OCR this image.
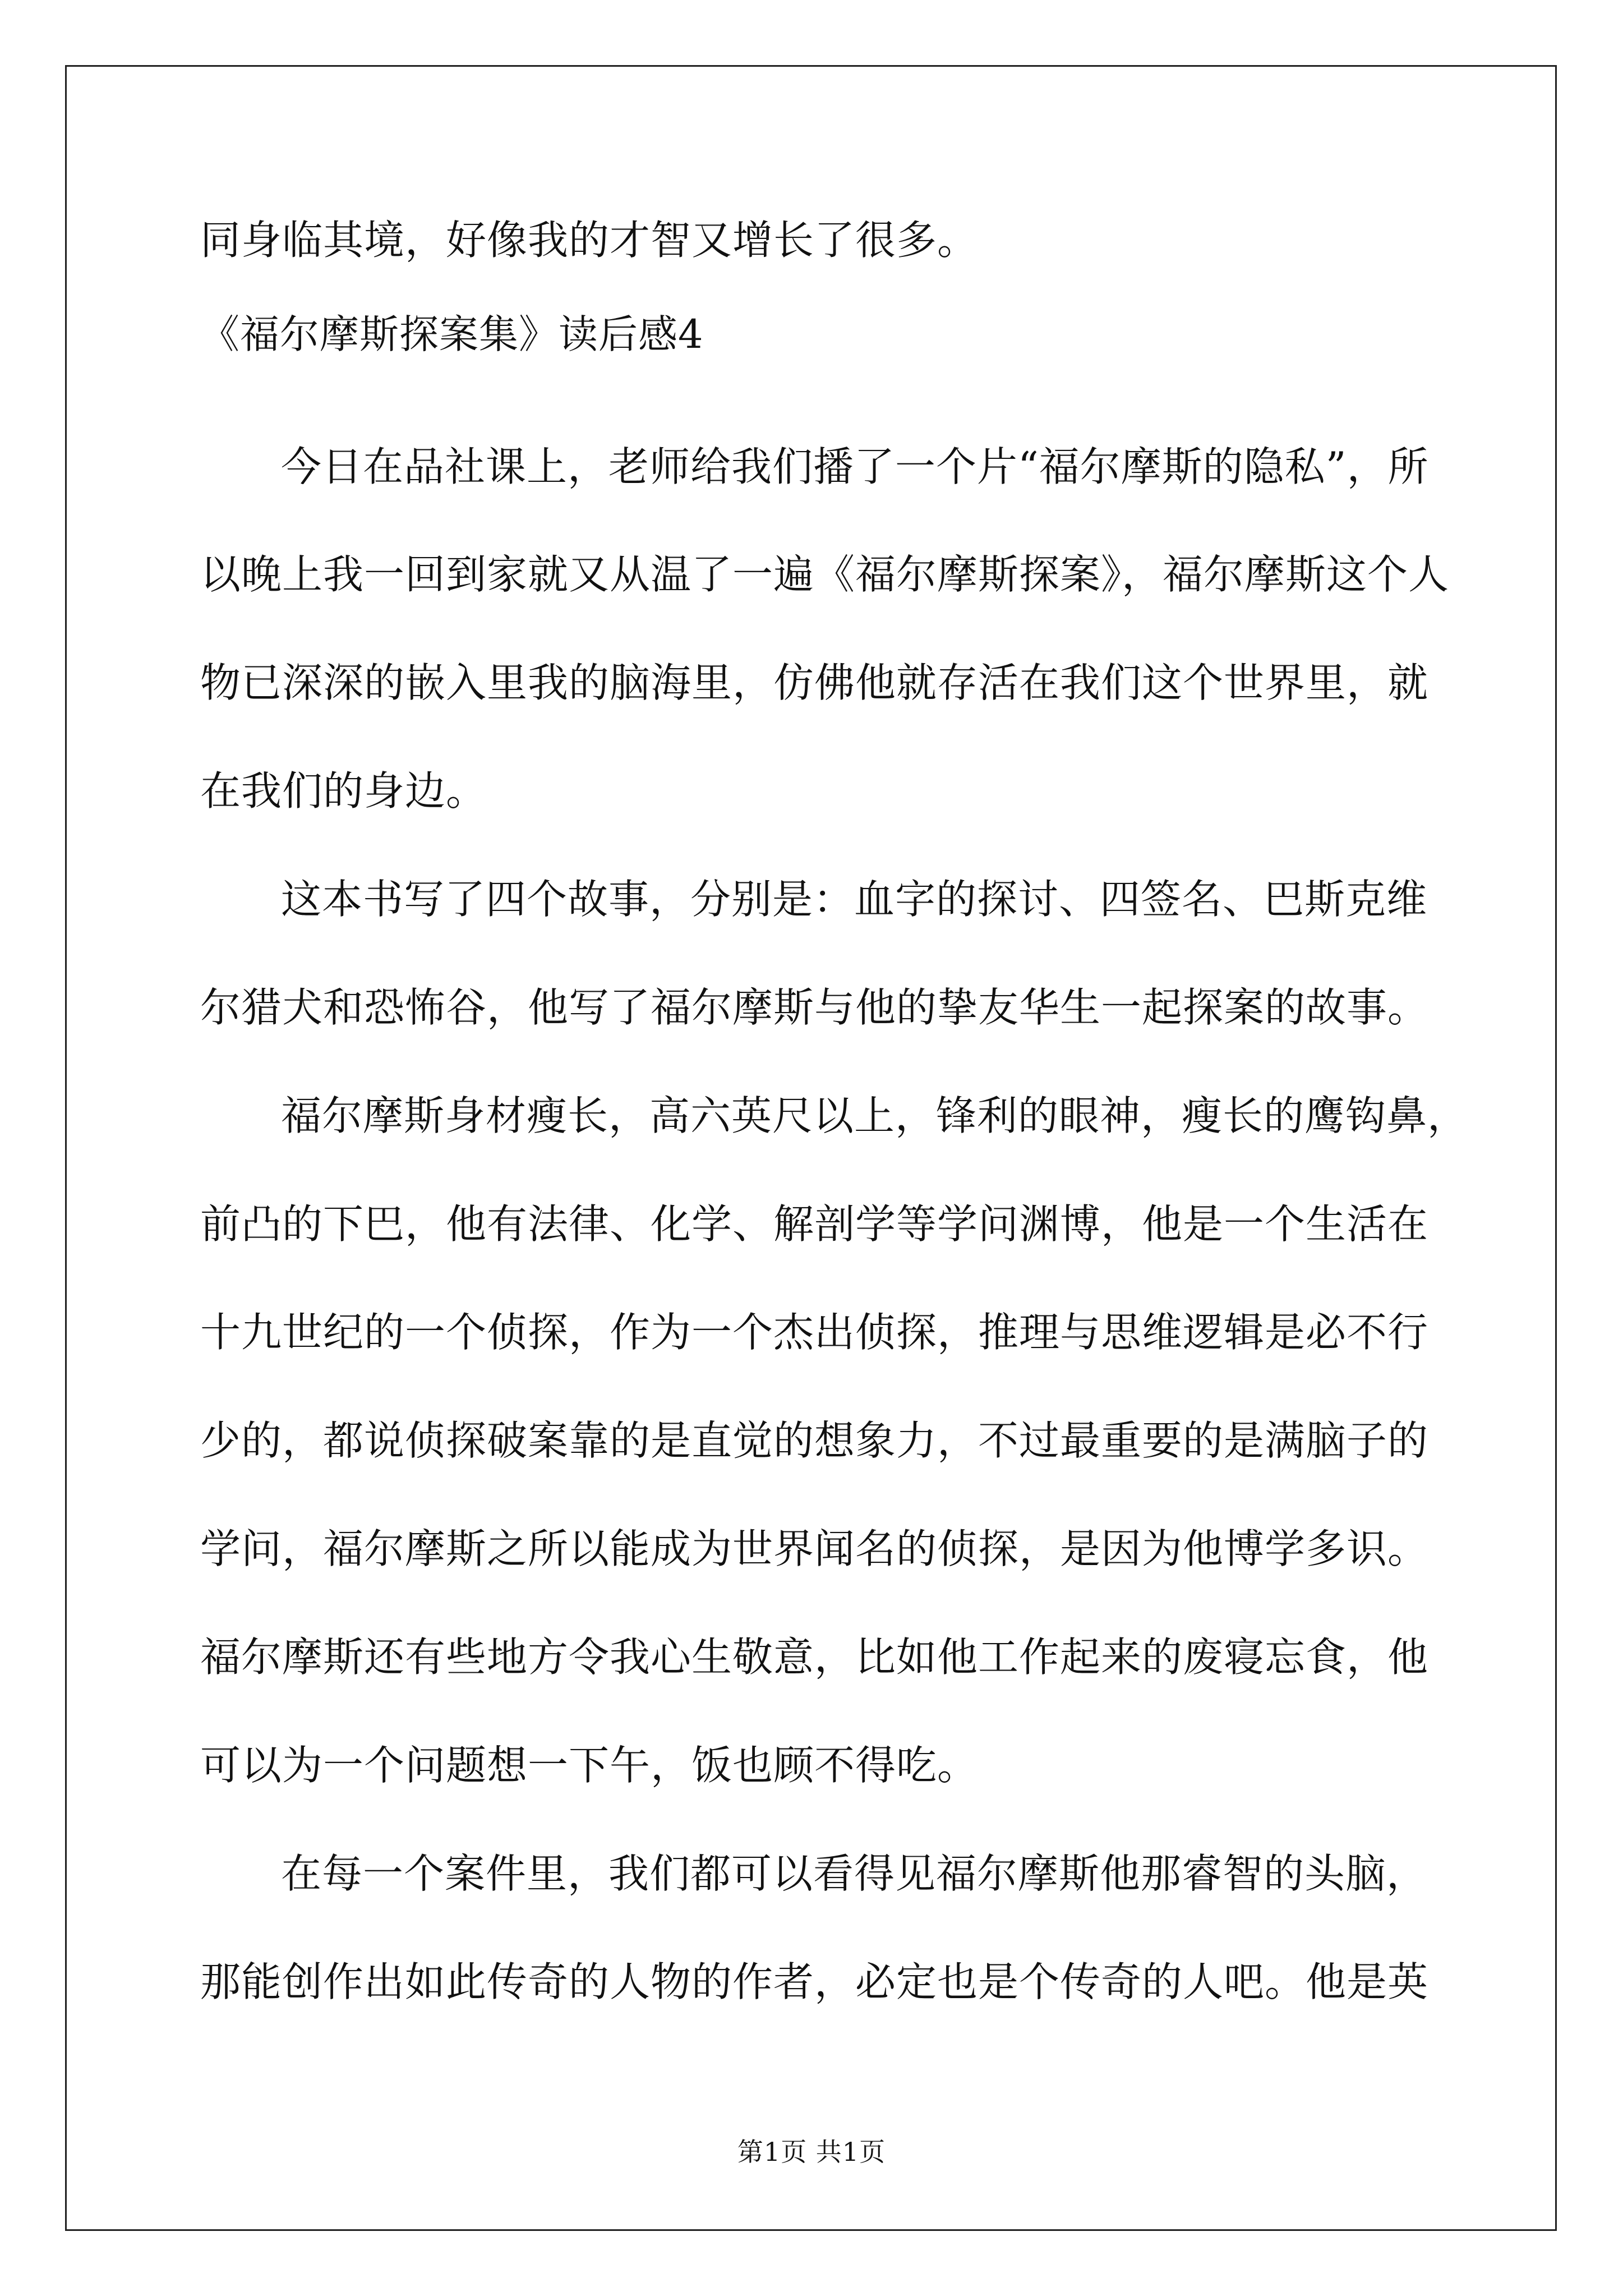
同身临其境，好像我的才智又增长了很多。
《福尔摩斯探案集》读后感4
今日在品社课上，老师给我们播了一个片“福尔摩斯的隐私”，所
以晚上我一回到家就又从温了一遍《福尔摩斯探案》，福尔摩斯这个人
物已深深的嵌入里我的脑海里，仿佛他就存活在我们这个世界里，就
在我们的身边。
这本书写了四个故事，分别是：血字的探讨、四签名、巴斯克维
尔猎犬和恐怖谷，他写了福尔摩斯与他的挚友华生一起探案的故事。
福尔摩斯身材瘦长，高六英尺以上，锋利的眼神，瘦长的鹰钩鼻，
前凸的下巴，他有法律、化学、解剖学等学问渊博，他是一个生活在
十九世纪的一个侦探，作为一个杰出侦探，推理与思维逻辑是必不行
少的，都说侦探破案靠的是直觉的想象力，不过最重要的是满脑子的
学问，福尔摩斯之所以能成为世界闻名的侦探，是因为他博学多识。
福尔摩斯还有些地方令我心生敬意，比如他工作起来的废寝忘食，他
可以为一个问题想一下午，饭也顾不得吃。
在每一个案件里，我们都可以看得见福尔摩斯他那睿智的头脑，
那能创作出如此传奇的人物的作者，必定也是个传奇的人吧。他是英
第1页 共1页
